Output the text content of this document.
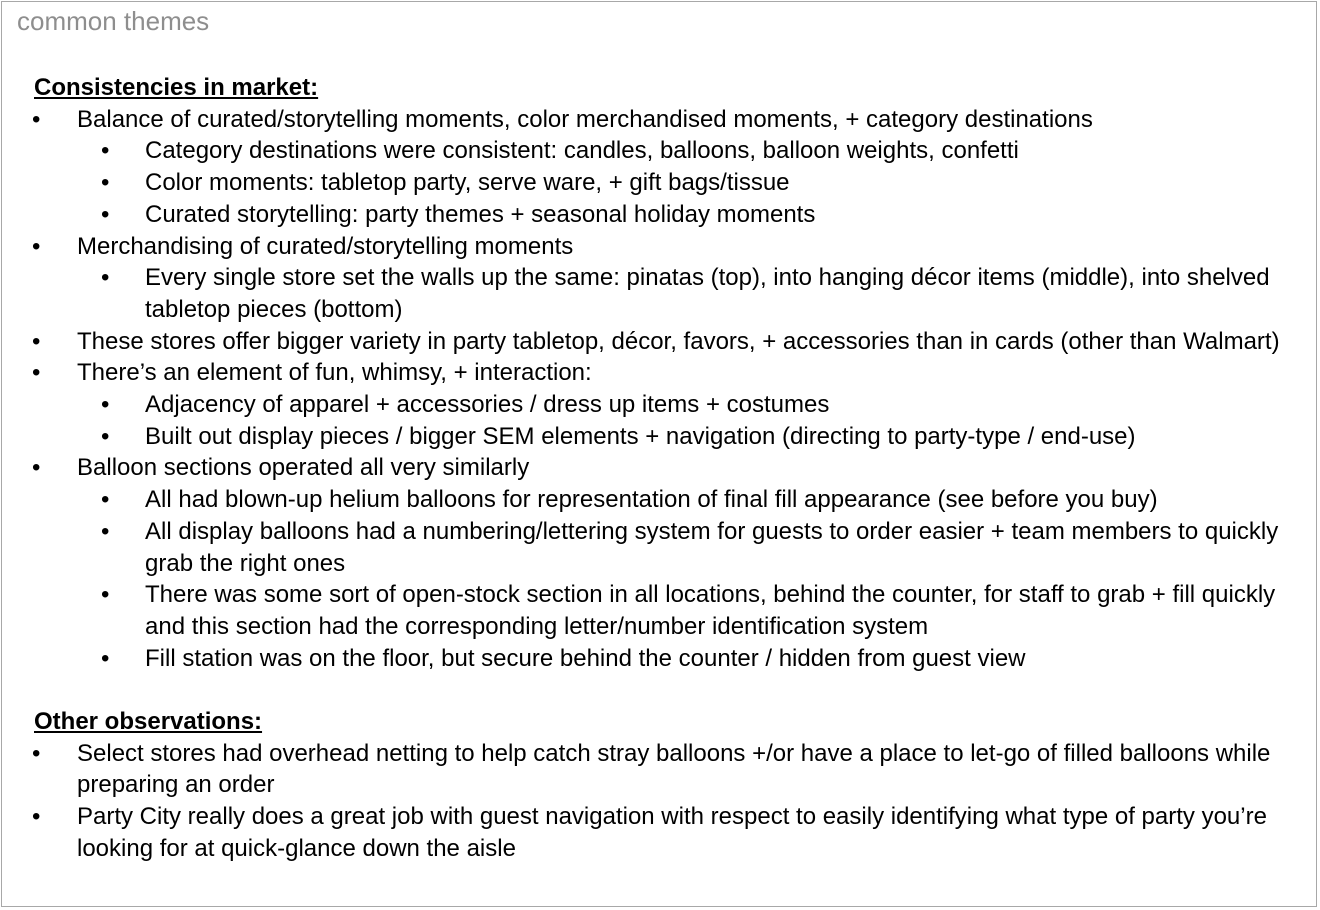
common themes
Consistencies in market:
•	Balance of curated/storytelling moments, color merchandised moments, + category destinations
•	Category destinations were consistent: candles, balloons, balloon weights, confetti
•	Color moments: tabletop party, serve ware, + gift bags/tissue
•	Curated storytelling: party themes + seasonal holiday moments
•	Merchandising of curated/storytelling moments
•	Every single store set the walls up the same: pinatas (top), into hanging décor items (middle), into shelved tabletop pieces (bottom)
•	These stores offer bigger variety in party tabletop, décor, favors, + accessories than in cards (other than Walmart)
•	There’s an element of fun, whimsy, + interaction:
•	Adjacency of apparel + accessories / dress up items + costumes
•	Built out display pieces / bigger SEM elements + navigation (directing to party-type / end-use)
•	Balloon sections operated all very similarly
•	All had blown-up helium balloons for representation of final fill appearance (see before you buy)
•	All display balloons had a numbering/lettering system for guests to order easier + team members to quickly grab the right ones
•	There was some sort of open-stock section in all locations, behind the counter, for staff to grab + fill quickly and this section had the corresponding letter/number identification system
•	Fill station was on the floor, but secure behind the counter / hidden from guest view
Other observations:
•	Select stores had overhead netting to help catch stray balloons +/or have a place to let-go of filled balloons while preparing an order
•	Party City really does a great job with guest navigation with respect to easily identifying what type of party you’re looking for at quick-glance down the aisle
